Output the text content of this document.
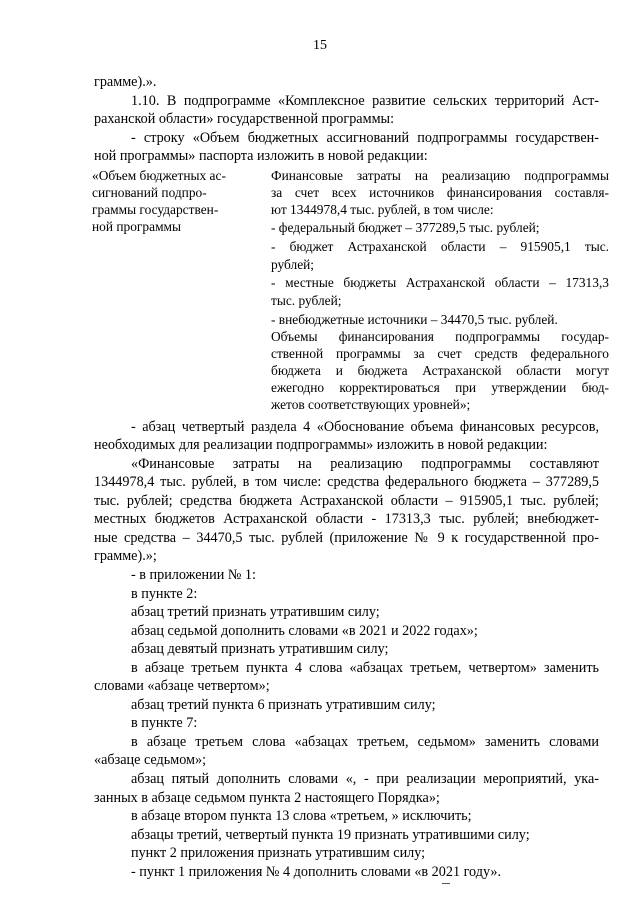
15
грамме).».
1.10. В подпрограмме «Комплексное развитие сельских территорий Аст-
раханской области» государственной программы:
- строку «Объем бюджетных ассигнований подпрограммы государствен-
ной программы» паспорта изложить в новой редакции:
«Объем бюджетных ас-
сигнований подпро-
граммы государствен-
ной программы
Финансовые затраты на реализацию подпрограммы
за счет всех источников финансирования составля-
ют 1344978,4 тыс. рублей, в том числе:
- федеральный бюджет – 377289,5 тыс. рублей;
- бюджет Астраханской области – 915905,1 тыс.
рублей;
- местные бюджеты Астраханской области – 17313,3
тыс. рублей;
- внебюджетные источники – 34470,5 тыс. рублей.
Объемы финансирования подпрограммы государ-
ственной программы за счет средств федерального
бюджета и бюджета Астраханской области могут
ежегодно корректироваться при утверждении бюд-
жетов соответствующих уровней»;
- абзац четвертый раздела 4 «Обоснование объема финансовых ресурсов,
необходимых для реализации подпрограммы» изложить в новой редакции:
«Финансовые затраты на реализацию подпрограммы составляют
1344978,4 тыс. рублей, в том числе: средства федерального бюджета – 377289,5
тыс. рублей; средства бюджета Астраханской области – 915905,1 тыс. рублей;
местных бюджетов Астраханской области - 17313,3 тыс. рублей; внебюджет-
ные средства – 34470,5 тыс. рублей (приложение № 9 к государственной про-
грамме).»;
- в приложении № 1:
в пункте 2:
абзац третий признать утратившим силу;
абзац седьмой дополнить словами «в 2021 и 2022 годах»;
абзац девятый признать утратившим силу;
в абзаце третьем пункта 4 слова «абзацах третьем, четвертом» заменить
словами «абзаце четвертом»;
абзац третий пункта 6 признать утратившим силу;
в пункте 7:
в абзаце третьем слова «абзацах третьем, седьмом» заменить словами
«абзаце седьмом»;
абзац пятый дополнить словами «, - при реализации мероприятий, ука-
занных в абзаце седьмом пункта 2 настоящего Порядка»;
в абзаце втором пункта 13 слова «третьем, » исключить;
абзацы третий, четвертый пункта 19 признать утратившими силу;
пункт 2 приложения признать утратившим силу;
- пункт 1 приложения № 4 дополнить словами «в 2021 году».
